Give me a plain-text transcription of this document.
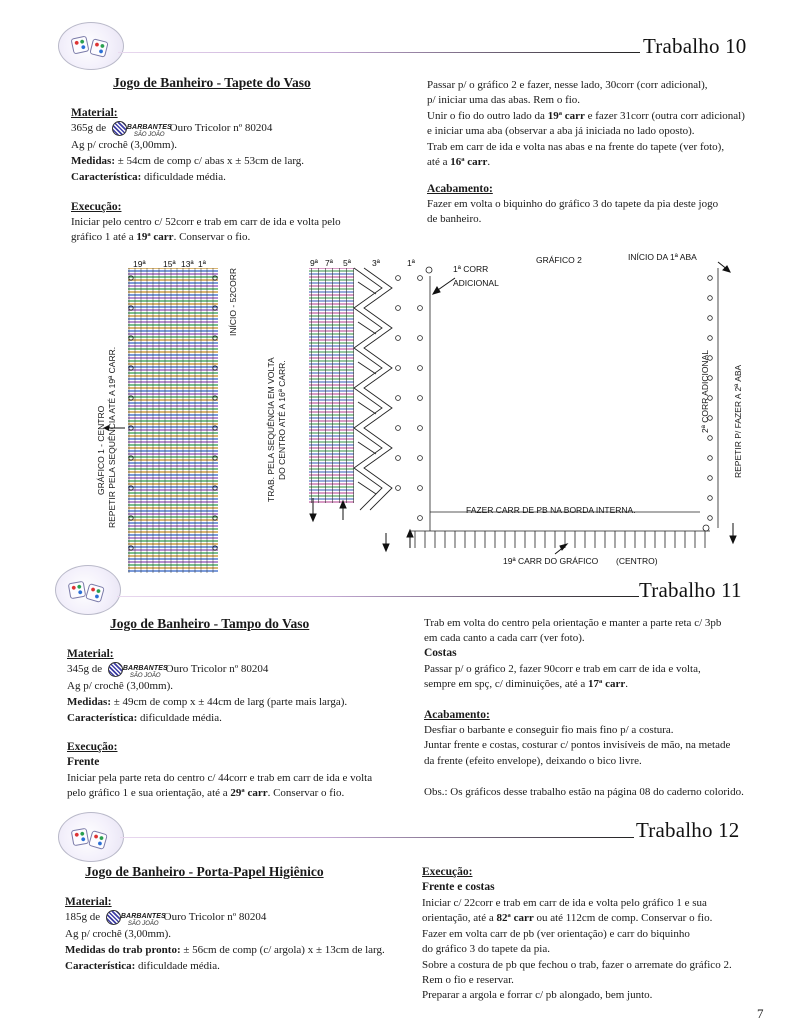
Trabalho 10
Jogo de Banheiro - Tapete do Vaso
Material:
365g de	BARBANTES
SÃO JOÃO
Ouro Tricolor nº 80204
Ag p/ crochê (3,00mm).
Medidas: ± 54cm de comp c/ abas x ± 53cm de larg.
Característica: dificuldade média.
Execução:
Iniciar pelo centro c/ 52corr e trab em carr de ida e volta pelo
gráfico 1 até a 19ª carr. Conservar o fio.
Passar p/ o gráfico 2 e fazer, nesse lado, 30corr (corr adicional),
p/ iniciar uma das abas. Rem o fio.
Unir o fio do outro lado da 19ª carr e fazer 31corr (outra corr adicional)
e iniciar uma aba (observar a aba já iniciada no lado oposto).
Trab em carr de ida e volta nas abas e na frente do tapete (ver foto),
até a 16ª carr.
Acabamento:
Fazer em volta o biquinho do gráfico 3 do tapete da pia deste jogo
de banheiro.
19ª 15ª 13ª 1ª
INÍCIO - 52CORR
GRÁFICO 1 - CENTRO REPETIR PELA SEQUÊNCIA ATÉ A 19ª CARR.	TRAB. PELA SEQUÊNCIA EM VOLTA DO CENTRO ATÉ A 16ª CARR.
9ª 7ª 5ª 3ª	1ª
1ª CORR
ADICIONAL
GRÁFICO 2	INÍCIO DA 1ª ABA
2ª CORR ADICIONAL	REPETIR P/ FAZER A 2ª ABA
FAZER CARR DE PB NA BORDA INTERNA.
19ª CARR DO GRÁFICO (CENTRO)
Trabalho 11
Jogo de Banheiro - Tampo do Vaso
Material:
345g de	BARBANTES
SÃO JOÃO
Ouro Tricolor nº 80204
Ag p/ crochê (3,00mm).
Medidas: ± 49cm de comp x ± 44cm de larg (parte mais larga).
Característica: dificuldade média.
Execução:
Frente
Iniciar pela parte reta do centro c/ 44corr e trab em carr de ida e volta
pelo gráfico 1 e sua orientação, até a 29ª carr. Conservar o fio.
Trab em volta do centro pela orientação e manter a parte reta c/ 3pb
em cada canto a cada carr (ver foto).
Costas
Passar p/ o gráfico 2, fazer 90corr e trab em carr de ida e volta,
sempre em spç, c/ diminuições, até a 17ª carr.
Acabamento:
Desfiar o barbante e conseguir fio mais fino p/ a costura.
Juntar frente e costas, costurar c/ pontos invisíveis de mão, na metade
da frente (efeito envelope), deixando o bico livre.
Obs.: Os gráficos desse trabalho estão na página 08 do caderno colorido.
Trabalho 12
Jogo de Banheiro - Porta-Papel Higiênico
Material:
185g de	BARBANTES
SÃO JOÃO
Ouro Tricolor nº 80204
Ag p/ crochê (3,00mm).
Medidas do trab pronto: ± 56cm de comp (c/ argola) x ± 13cm de larg.
Característica: dificuldade média.
Execução:
Frente e costas
Iniciar c/ 22corr e trab em carr de ida e volta pelo gráfico 1 e sua
orientação, até a 82ª carr ou até 112cm de comp. Conservar o fio.
Fazer em volta carr de pb (ver orientação) e carr do biquinho
do gráfico 3 do tapete da pia.
Sobre a costura de pb que fechou o trab, fazer o arremate do gráfico 2.
Rem o fio e reservar.
Preparar a argola e forrar c/ pb alongado, bem junto.
7
